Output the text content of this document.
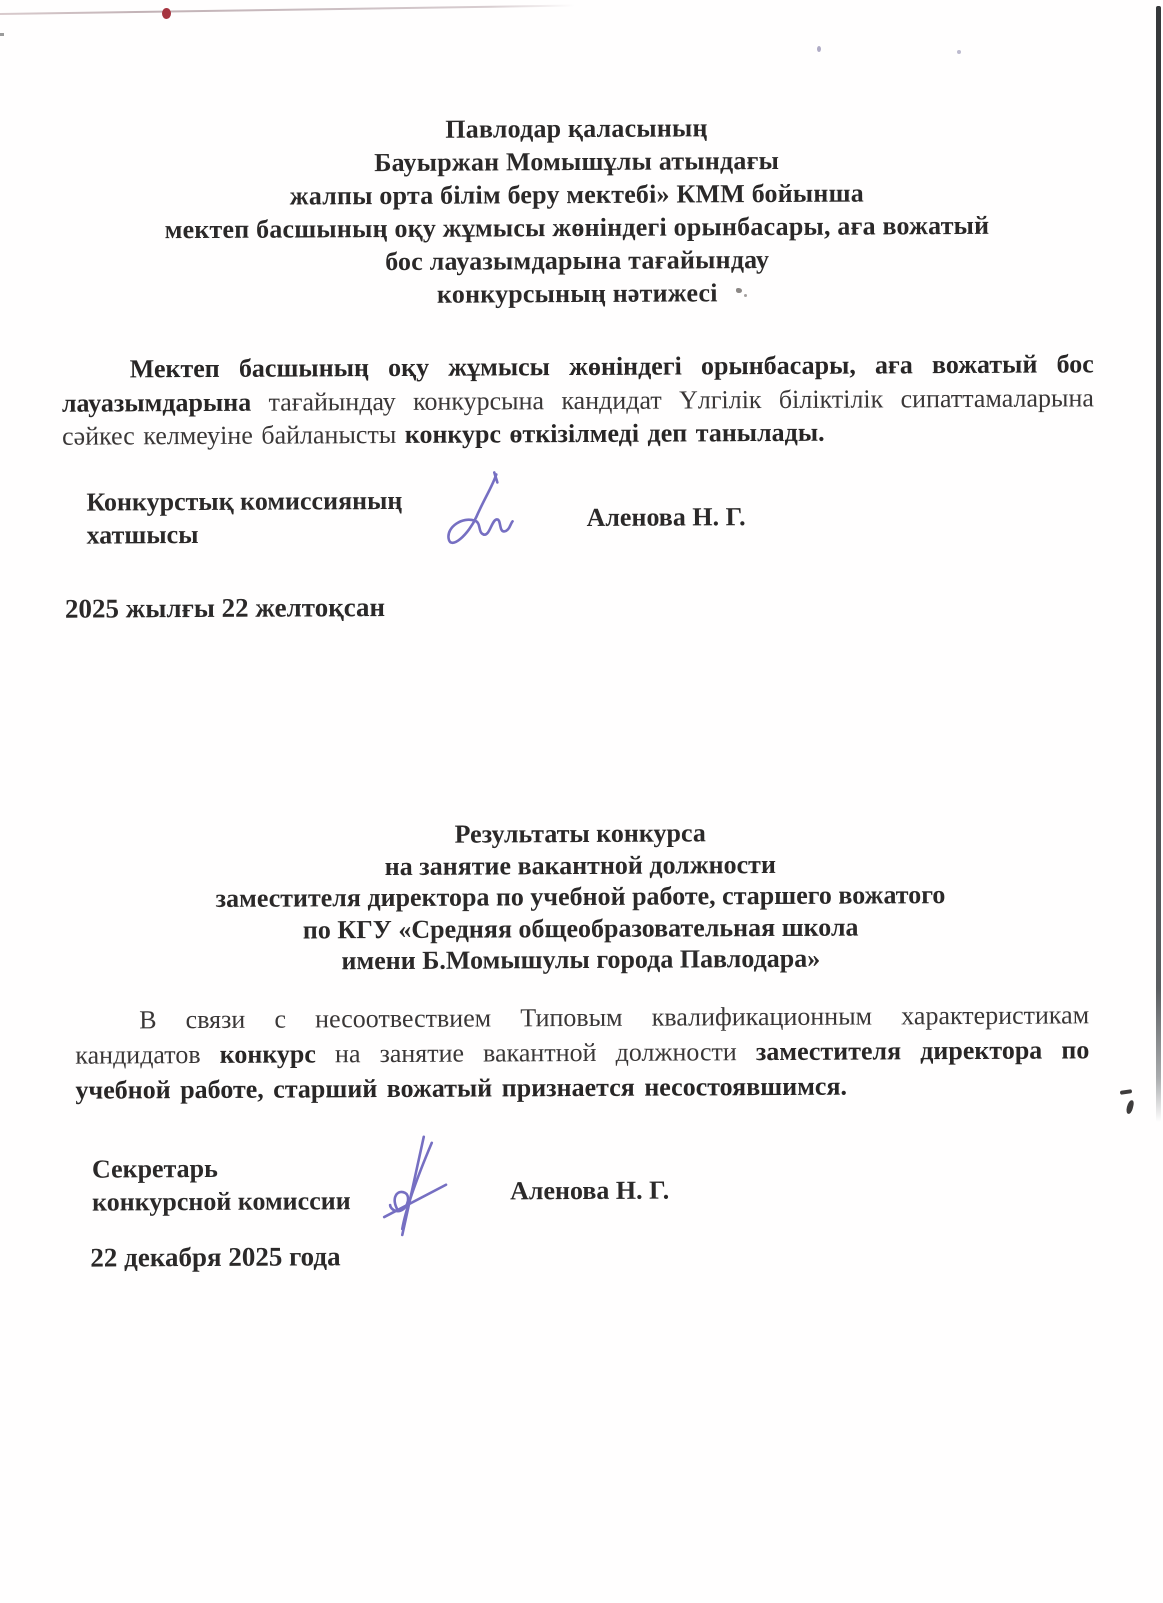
Павлодар қаласының
Бауыржан Момышұлы атындағы
жалпы орта білім беру мектебі» КММ бойынша
мектеп басшының оқу жұмысы жөніндегі орынбасары, аға вожатый
бос лауазымдарына тағайындау
конкурсының нәтижесі

Мектеп басшының оқу жұмысы жөніндегі орынбасары, аға вожатый бос лауазымдарына тағайындау конкурсына кандидат Үлгілік біліктілік сипаттамаларына сәйкес келмеуіне байланысты конкурс өткізілмеді деп танылады.

Конкурстық комиссияның
хатшысы
Аленова Н. Г.
2025 жылғы 22 желтоқсан
Результаты конкурса
на занятие вакантной должности
заместителя директора по учебной работе, старшего вожатого
по КГУ «Средняя общеобразовательная школа
имени Б.Момышулы города Павлодара»

В связи с несоотвествием Типовым квалификационным характеристикам кандидатов конкурс на занятие вакантной должности заместителя директора по учебной работе, старший вожатый признается несостоявшимся.

Секретарь
конкурсной комиссии	Аленова Н. Г.
22 декабря 2025 года
